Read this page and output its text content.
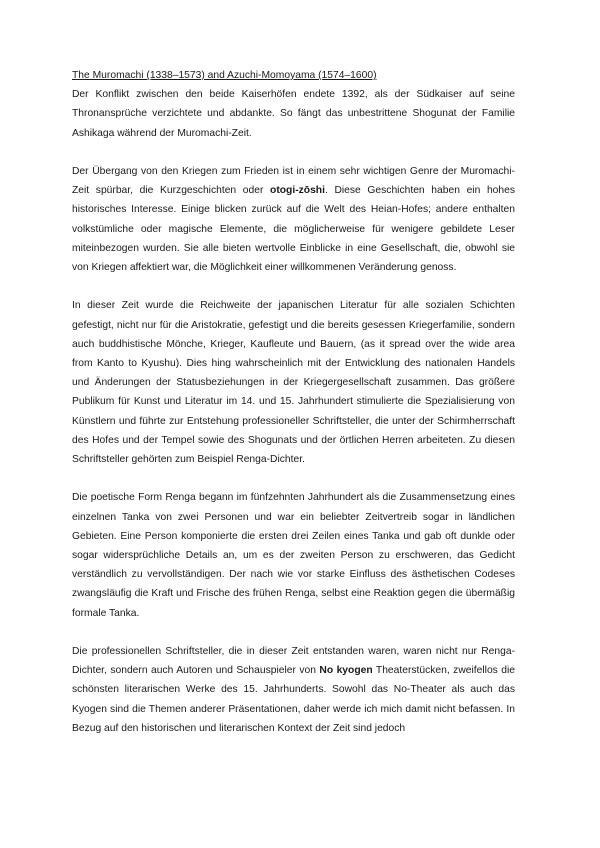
The Muromachi (1338–1573) and Azuchi-Momoyama (1574–1600)

Der Konflikt zwischen den beide Kaiserhöfen endete 1392, als der Südkaiser auf seine Thronansprüche verzichtete und abdankte. So fängt das unbestrittene Shogunat der Familie Ashikaga während der Muromachi-Zeit.

Der Übergang von den Kriegen zum Frieden ist in einem sehr wichtigen Genre der Muromachi-Zeit spürbar, die Kurzgeschichten oder otogi-zōshi. Diese Geschichten haben ein hohes historisches Interesse. Einige blicken zurück auf die Welt des Heian-Hofes; andere enthalten volkstümliche oder magische Elemente, die möglicherweise für wenigere gebildete Leser miteinbezogen wurden. Sie alle bieten wertvolle Einblicke in eine Gesellschaft, die, obwohl sie von Kriegen affektiert war, die Möglichkeit einer willkommenen Veränderung genoss.

In dieser Zeit wurde die Reichweite der japanischen Literatur für alle sozialen Schichten gefestigt, nicht nur für die Aristokratie, gefestigt und die bereits gesessen Kriegerfamilie, sondern auch buddhistische Mönche, Krieger, Kaufleute und Bauern, (as it spread over the wide area from Kanto to Kyushu). Dies hing wahrscheinlich mit der Entwicklung des nationalen Handels und Änderungen der Statusbeziehungen in der Kriegergesellschaft zusammen. Das größere Publikum für Kunst und Literatur im 14. und 15. Jahrhundert stimulierte die Spezialisierung von Künstlern und führte zur Entstehung professioneller Schriftsteller, die unter der Schirmherrschaft des Hofes und der Tempel sowie des Shogunats und der örtlichen Herren arbeiteten. Zu diesen Schriftsteller gehörten zum Beispiel Renga-Dichter.

Die poetische Form Renga begann im fünfzehnten Jahrhundert als die Zusammensetzung eines einzelnen Tanka von zwei Personen und war ein beliebter Zeitvertreib sogar in ländlichen Gebieten. Eine Person komponierte die ersten drei Zeilen eines Tanka und gab oft dunkle oder sogar widersprüchliche Details an, um es der zweiten Person zu erschweren, das Gedicht verständlich zu vervollständigen. Der nach wie vor starke Einfluss des ästhetischen Codeses zwangsläufig die Kraft und Frische des frühen Renga, selbst eine Reaktion gegen die übermäßig formale Tanka.

Die professionellen Schriftsteller, die in dieser Zeit entstanden waren, waren nicht nur Renga-Dichter, sondern auch Autoren und Schauspieler von No kyogen Theaterstücken, zweifellos die schönsten literarischen Werke des 15. Jahrhunderts. Sowohl das No-Theater als auch das Kyogen sind die Themen anderer Präsentationen, daher werde ich mich damit nicht befassen. In Bezug auf den historischen und literarischen Kontext der Zeit sind jedoch
